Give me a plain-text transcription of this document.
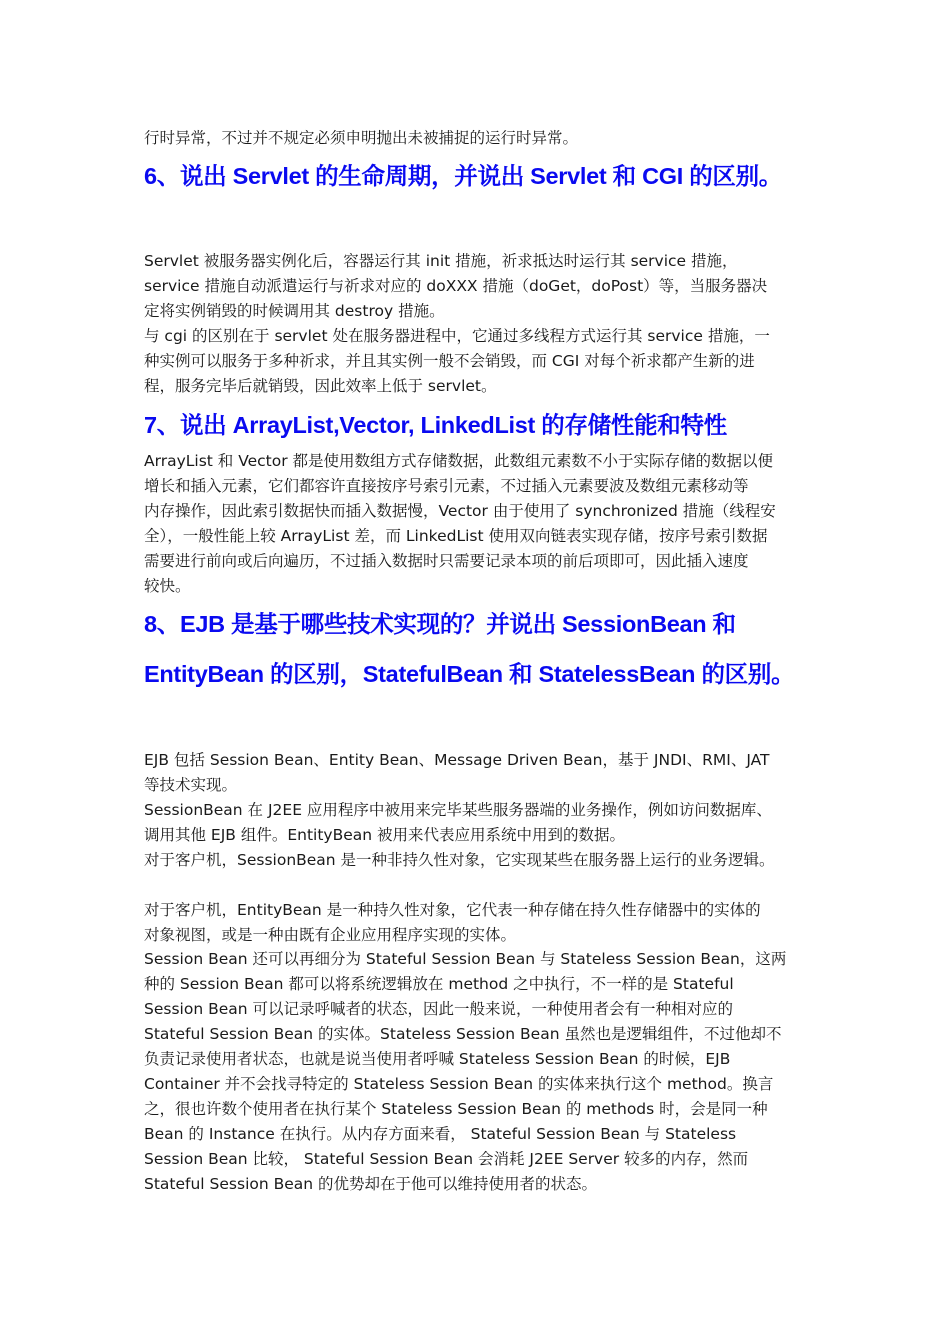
行时异常，不过并不规定必须申明抛出未被捕捉的运行时异常。
6、说出 Servlet 的生命周期，并说出 Servlet 和 CGI 的区别。
Servlet 被服务器实例化后，容器运行其 init 措施，祈求抵达时运行其 service 措施，
service 措施自动派遣运行与祈求对应的 doXXX 措施（doGet，doPost）等，当服务器决
定将实例销毁的时候调用其 destroy 措施。
与 cgi 的区别在于 servlet 处在服务器进程中，它通过多线程方式运行其 service 措施，一
种实例可以服务于多种祈求，并且其实例一般不会销毁，而 CGI 对每个祈求都产生新的进
程，服务完毕后就销毁，因此效率上低于 servlet。
7、说出 ArrayList,Vector, LinkedList 的存储性能和特性
ArrayList 和 Vector 都是使用数组方式存储数据，此数组元素数不小于实际存储的数据以便
增长和插入元素，它们都容许直接按序号索引元素，不过插入元素要波及数组元素移动等
内存操作，因此索引数据快而插入数据慢，Vector 由于使用了 synchronized 措施（线程安
全），一般性能上较 ArrayList 差，而 LinkedList 使用双向链表实现存储，按序号索引数据
需要进行前向或后向遍历，不过插入数据时只需要记录本项的前后项即可，因此插入速度
较快。
8、EJB 是基于哪些技术实现的？并说出 SessionBean 和
EntityBean 的区别，StatefulBean 和 StatelessBean 的区别。
EJB 包括 Session Bean、Entity Bean、Message Driven Bean，基于 JNDI、RMI、JAT
等技术实现。
SessionBean 在 J2EE 应用程序中被用来完毕某些服务器端的业务操作，例如访问数据库、
调用其他 EJB 组件。EntityBean 被用来代表应用系统中用到的数据。
对于客户机，SessionBean 是一种非持久性对象，它实现某些在服务器上运行的业务逻辑。
对于客户机，EntityBean 是一种持久性对象，它代表一种存储在持久性存储器中的实体的
对象视图，或是一种由既有企业应用程序实现的实体。
Session Bean 还可以再细分为 Stateful Session Bean 与 Stateless Session Bean，这两
种的 Session Bean 都可以将系统逻辑放在 method 之中执行，不一样的是 Stateful
Session Bean 可以记录呼喊者的状态，因此一般来说，一种使用者会有一种相对应的
Stateful Session Bean 的实体。Stateless Session Bean 虽然也是逻辑组件，不过他却不
负责记录使用者状态，也就是说当使用者呼喊 Stateless Session Bean 的时候，EJB
Container 并不会找寻特定的 Stateless Session Bean 的实体来执行这个 method。换言
之，很也许数个使用者在执行某个 Stateless Session Bean 的 methods 时，会是同一种
Bean 的 Instance 在执行。从内存方面来看， Stateful Session Bean 与 Stateless
Session Bean 比较， Stateful Session Bean 会消耗 J2EE Server 较多的内存，然而
Stateful Session Bean 的优势却在于他可以维持使用者的状态。
